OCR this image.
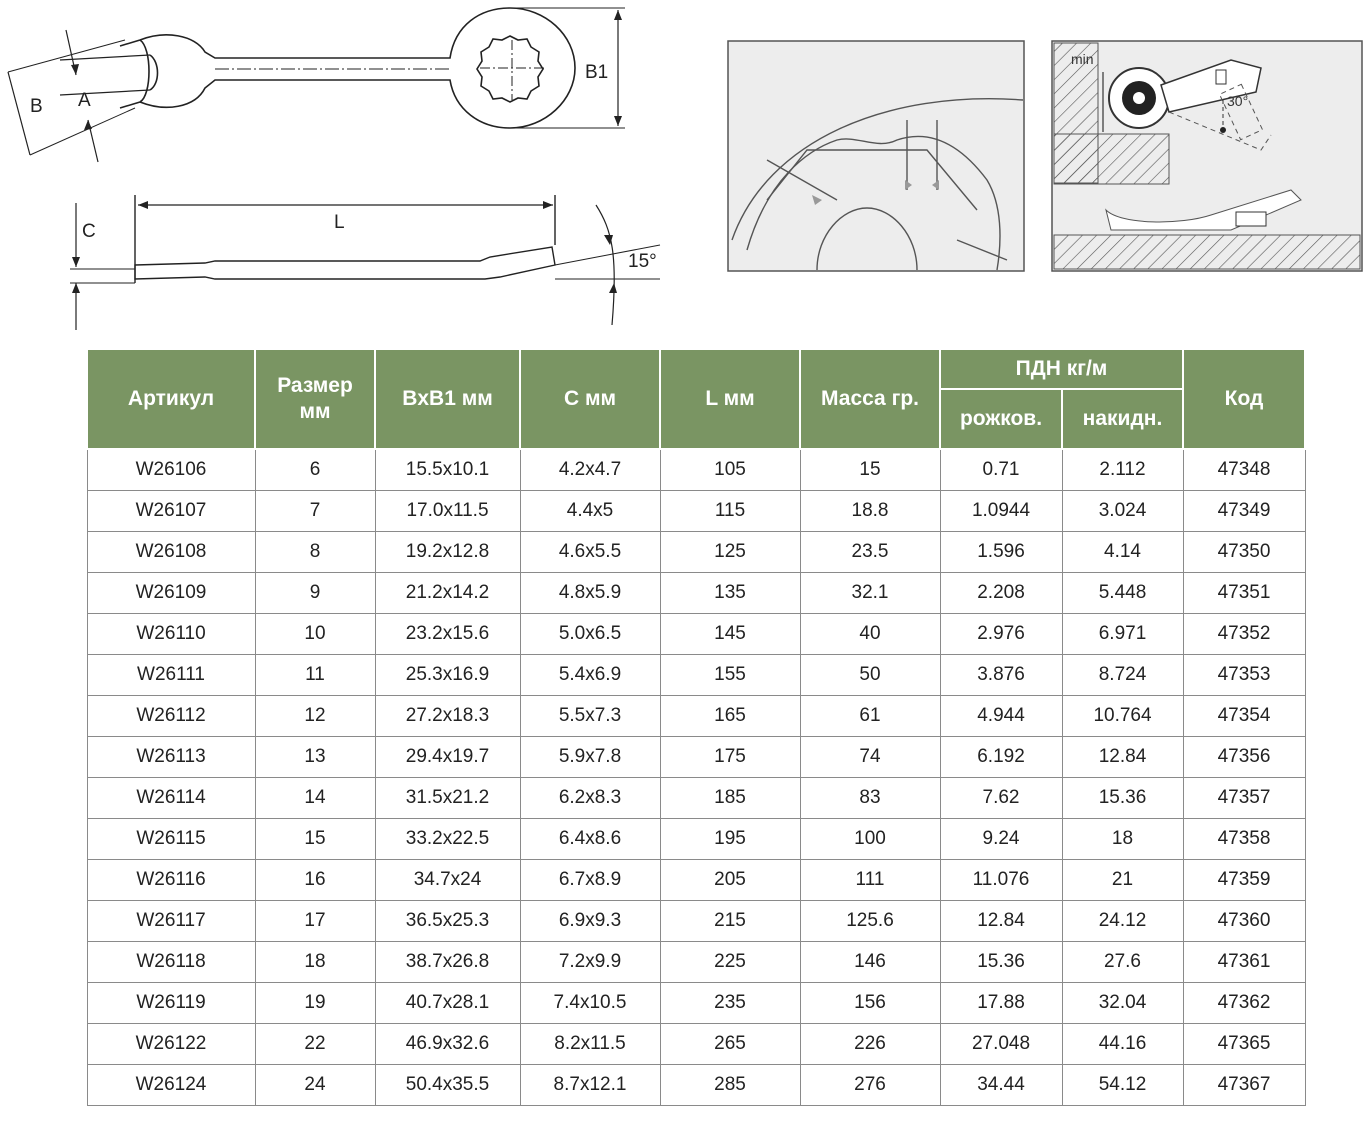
B A
B1
C	L
15°
min
30°
Артикул	Размер мм	BxB1 мм	С мм	L мм	Масса гр.	ПДН кг/м		Код
						рожков.	накидн.	
W26106	6	15.5x10.1	4.2x4.7	105	15	0.71	2.112	47348
W26107	7	17.0x11.5	4.4x5	115	18.8	1.0944	3.024	47349
W26108	8	19.2x12.8	4.6x5.5	125	23.5	1.596	4.14	47350
W26109	9	21.2x14.2	4.8x5.9	135	32.1	2.208	5.448	47351
W26110	10	23.2x15.6	5.0x6.5	145	40	2.976	6.971	47352
W26111	11	25.3x16.9	5.4x6.9	155	50	3.876	8.724	47353
W26112	12	27.2x18.3	5.5x7.3	165	61	4.944	10.764	47354
W26113	13	29.4x19.7	5.9x7.8	175	74	6.192	12.84	47356
W26114	14	31.5x21.2	6.2x8.3	185	83	7.62	15.36	47357
W26115	15	33.2x22.5	6.4x8.6	195	100	9.24	18	47358
W26116	16	34.7x24	6.7x8.9	205	111	11.076	21	47359
W26117	17	36.5x25.3	6.9x9.3	215	125.6	12.84	24.12	47360
W26118	18	38.7x26.8	7.2x9.9	225	146	15.36	27.6	47361
W26119	19	40.7x28.1	7.4x10.5	235	156	17.88	32.04	47362
W26122	22	46.9x32.6	8.2x11.5	265	226	27.048	44.16	47365
W26124	24	50.4x35.5	8.7x12.1	285	276	34.44	54.12	47367
